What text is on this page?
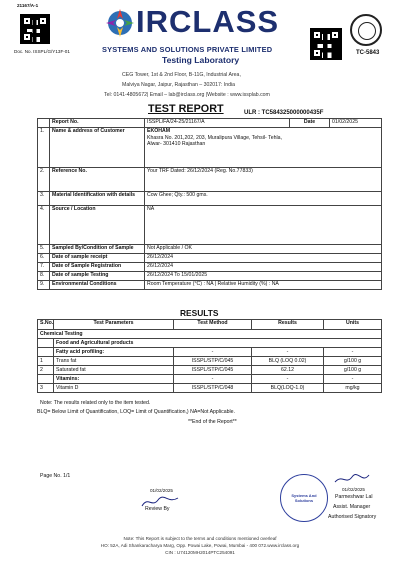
21167/A-1
Doc. No. ISSPL/G/Y13F-01
IRCLASS
SYSTEMS AND SOLUTIONS PRIVATE LIMITED
Testing Laboratory
CEG Tower, 1st & 2nd Floor, B-11G, Industrial Area,
Malviya Nagar, Jaipur, Rajasthan – 302017: India
Tel: 0141-4805672| Email – lab@irclass.org |Website : www.issplab.com
TC-5843
TEST REPORT	ULR : TC584325000000435F
	Report No.	ISSPL/FA/24-25/21167/A	Date	01/02/2025
1.	Name & address of Customer	EKOHAM
Khasra No. 201,202, 203, Muralipura Village, Tehsil- Tehla, Alwar- 301410 Rajasthan		

2.	Reference No.	Your TRF Dated: 26/12/2024 (Reg. No.77833)		
3.	Material Identification with details	Cow Ghee; Qty.: 500 gms.		
4.	Source / Location	NA		
5.	Sampled By/Condition of Sample	Not Applicable / OK		
6.	Date of sample receipt	26/12/2024		
7.	Date of Sample Registration	26/12/2024		
8.	Date of sample Testing	26/12/2024 To 15/01/2025		
9.	Environmental Conditions	Room Temperature (°C) : NA | Relative Humidity (%) : NA		
RESULTS
S.No.	Test Parameters	Test Method	Results	Units
Chemical Testing				
	Food and Agricultural products			
	Fatty acid profiling:	-	-	-
1	Trans fat	ISSPL/STP/C/045	BLQ (LOQ 0.02)	g/100 g
2	Saturated fat	ISSPL/STP/C/045	62.12	g/100 g
	Vitamins:	-	-	-
3	Vitamin D	ISSPL/STP/C/048	BLQ(LOQ-1.0)	mg/kg
Note: The results related only to the item tested.
BLQ= Below Limit of Quantification, LOQ= Limit of Quantification,) NA=Not Applicable.
**End of the Report**
Page No. 1/1
01/02/2025
Review By
Systems And Solutions
01/02/2025
Parmeshwar Lal
Assist. Manager
Authorised Signatory
Note: This Report is subject to the terms and conditions mentioned overleaf
HO: 52A, Adi Shankaracharya Marg, Opp. Powai Lake, Powai, Mumbai - 400 072.www.irclass.org
CIN : U74120MH2014PTC254091
